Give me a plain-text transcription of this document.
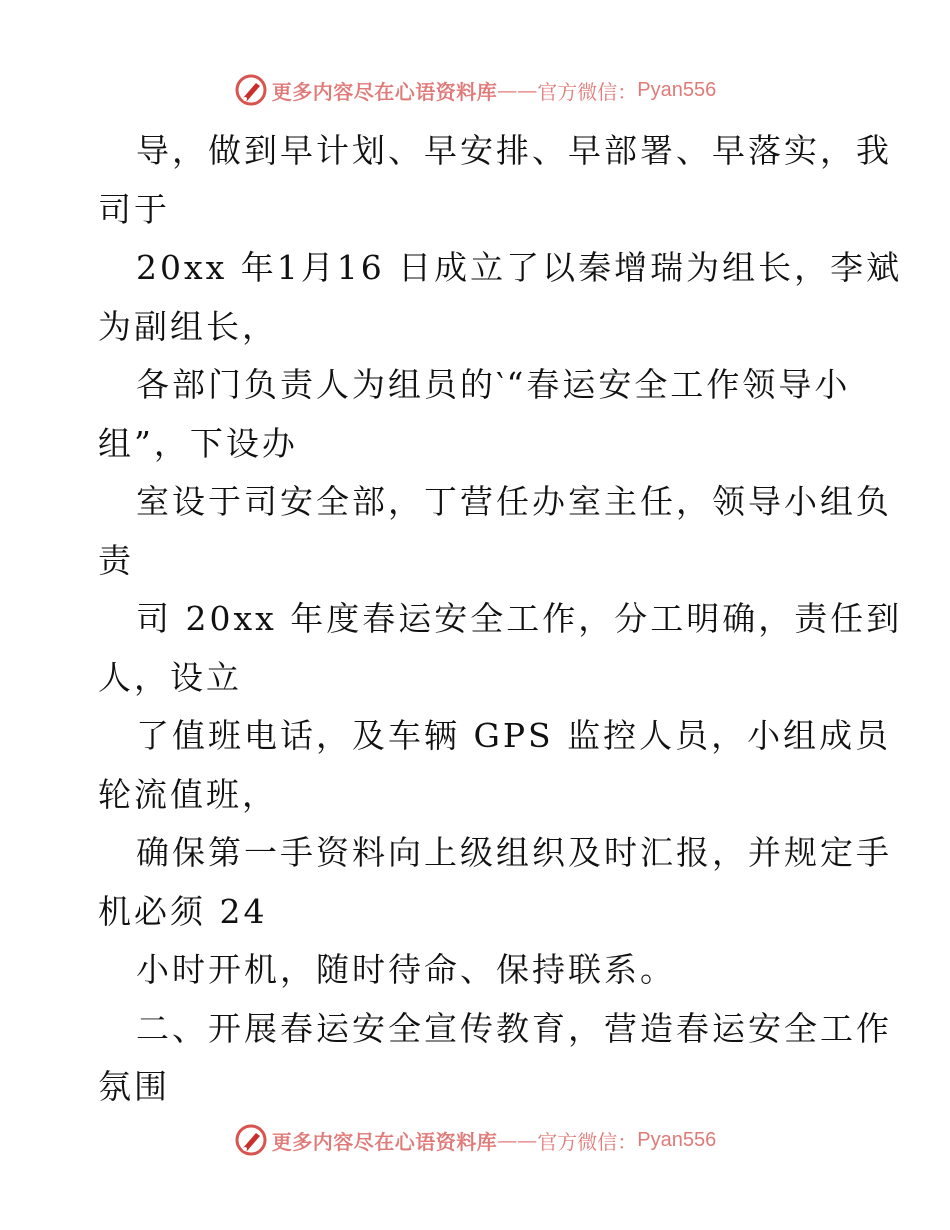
更多内容尽在心语资料库 —— 官方微信： Pyan556
导，做到早计划、早安排、早部署、早落实，我
司于
20xx 年1月16 日成立了以秦增瑞为组长，李斌
为副组长，
各部门负责人为组员的‵“春运安全工作领导小
组”，下设办
室设于司安全部，丁营任办室主任，领导小组负
责
司 20xx 年度春运安全工作，分工明确，责任到
人，设立
了值班电话，及车辆 GPS 监控人员，小组成员
轮流值班，
确保第一手资料向上级组织及时汇报，并规定手
机必须 24
小时开机，随时待命、保持联系。
二、开展春运安全宣传教育，营造春运安全工作
氛围
更多内容尽在心语资料库 —— 官方微信： Pyan556
